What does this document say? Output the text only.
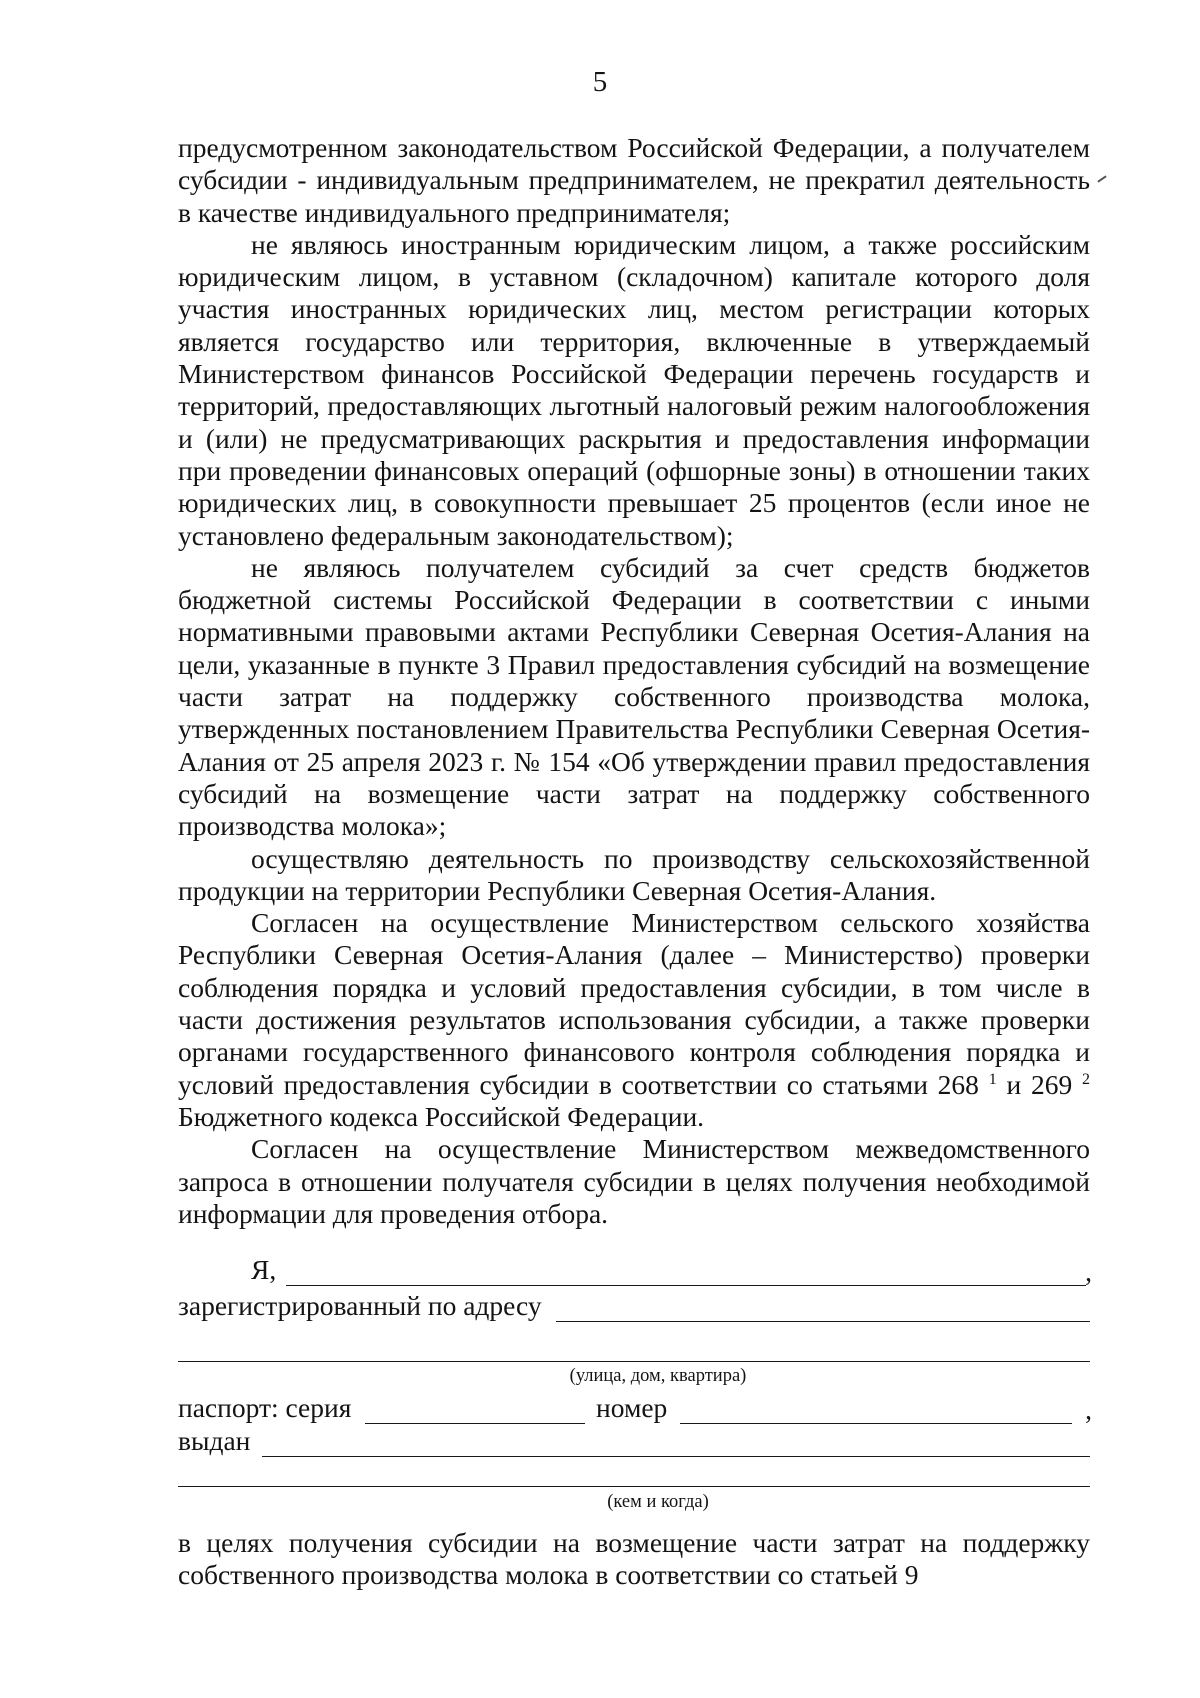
5

предусмотренном законодательством Российской Федерации, а получателем субсидии - индивидуальным предпринимателем, не прекратил деятельность в качестве индивидуального предпринимателя;

не являюсь иностранным юридическим лицом, а также российским юридическим лицом, в уставном (складочном) капитале которого доля участия иностранных юридических лиц, местом регистрации которых является государство или территория, включенные в утверждаемый Министерством финансов Российской Федерации перечень государств и территорий, предоставляющих льготный налоговый режим налогообложения и (или) не предусматривающих раскрытия и предоставления информации при проведении финансовых операций (офшорные зоны) в отношении таких юридических лиц, в совокупности превышает 25 процентов (если иное не установлено федеральным законодательством);

не являюсь получателем субсидий за счет средств бюджетов бюджетной системы Российской Федерации в соответствии с иными нормативными правовыми актами Республики Северная Осетия-Алания на цели, указанные в пункте 3 Правил предоставления субсидий на возмещение части затрат на поддержку собственного производства молока, утвержденных постановлением Правительства Республики Северная Осетия-Алания от 25 апреля 2023 г. № 154 «Об утверждении правил предоставления субсидий на возмещение части затрат на поддержку собственного производства молока»;

осуществляю деятельность по производству сельскохозяйственной продукции на территории Республики Северная Осетия-Алания.

Согласен на осуществление Министерством сельского хозяйства Республики Северная Осетия-Алания (далее – Министерство) проверки соблюдения порядка и условий предоставления субсидии, в том числе в части достижения результатов использования субсидии, а также проверки органами государственного финансового контроля соблюдения порядка и условий предоставления субсидии в соответствии со статьями 268 $^1$ и 269 $^2$ Бюджетного кодекса Российской Федерации.

Согласен на осуществление Министерством межведомственного запроса в отношении получателя субсидии в целях получения необходимой информации для проведения отбора.

Я,	,
зарегистрированный по адресу
(улица, дом, квартира)
паспорт: серия	номер	,
выдан
(кем и когда)

в целях получения субсидии на возмещение части затрат на поддержку собственного производства молока в соответствии со статьей 9
